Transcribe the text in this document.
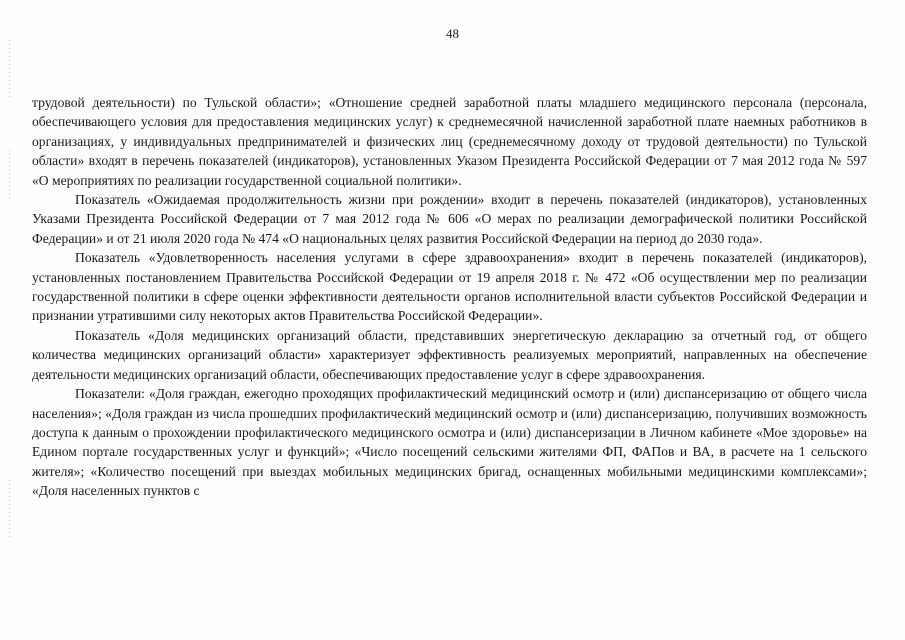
48

трудовой деятельности) по Тульской области»; «Отношение средней заработной платы младшего медицинского персонала (персонала, обеспечивающего условия для предоставления медицинских услуг) к среднемесячной начисленной заработной плате наемных работников в организациях, у индивидуальных предпринимателей и физических лиц (среднемесячному доходу от трудовой деятельности) по Тульской области» входят в перечень показателей (индикаторов), установленных Указом Президента Российской Федерации от 7 мая 2012 года № 597 «О мероприятиях по реализации государственной социальной политики».

Показатель «Ожидаемая продолжительность жизни при рождении» входит в перечень показателей (индикаторов), установленных Указами Президента Российской Федерации от 7 мая 2012 года № 606 «О мерах по реализации демографической политики Российской Федерации» и от 21 июля 2020 года № 474 «О национальных целях развития Российской Федерации на период до 2030 года».

Показатель «Удовлетворенность населения услугами в сфере здравоохранения» входит в перечень показателей (индикаторов), установленных постановлением Правительства Российской Федерации от 19 апреля 2018 г. № 472 «Об осуществлении мер по реализации государственной политики в сфере оценки эффективности деятельности органов исполнительной власти субъектов Российской Федерации и признании утратившими силу некоторых актов Правительства Российской Федерации».

Показатель «Доля медицинских организаций области, представивших энергетическую декларацию за отчетный год, от общего количества медицинских организаций области» характеризует эффективность реализуемых мероприятий, направленных на обеспечение деятельности медицинских организаций области, обеспечивающих предоставление услуг в сфере здравоохранения.

Показатели: «Доля граждан, ежегодно проходящих профилактический медицинский осмотр и (или) диспансеризацию от общего числа населения»; «Доля граждан из числа прошедших профилактический медицинский осмотр и (или) диспансеризацию, получивших возможность доступа к данным о прохождении профилактического медицинского осмотра и (или) диспансеризации в Личном кабинете «Мое здоровье» на Едином портале государственных услуг и функций»; «Число посещений сельскими жителями ФП, ФАПов и ВА, в расчете на 1 сельского жителя»; «Количество посещений при выездах мобильных медицинских бригад, оснащенных мобильными медицинскими комплексами»; «Доля населенных пунктов с
